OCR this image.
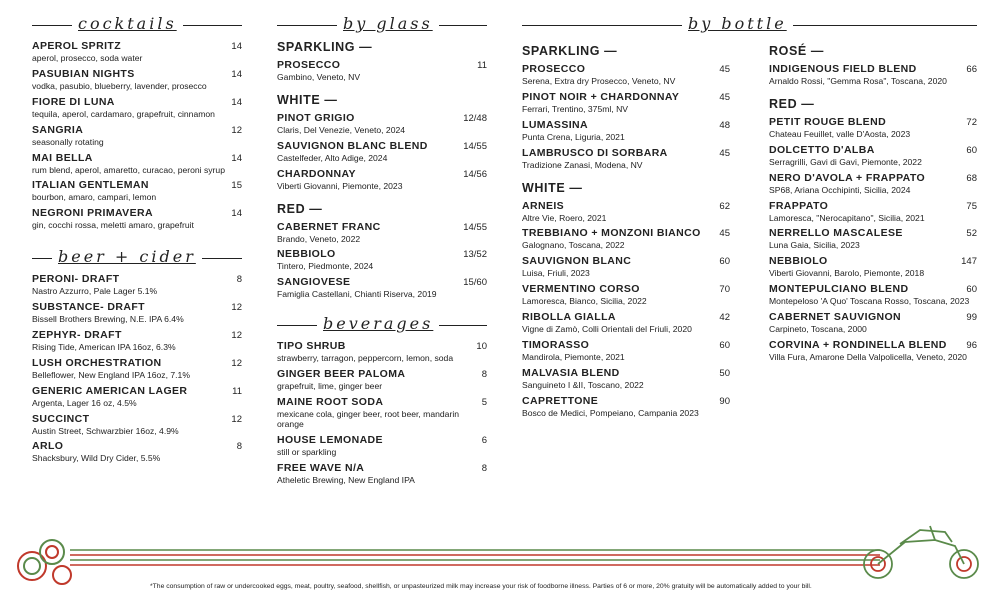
cocktails
APEROL SPRITZ	14
aperol, prosecco, soda water
PASUBIAN NIGHTS	14
vodka, pasubio, blueberry, lavender, prosecco
FIORE DI LUNA	14
tequila, aperol, cardamaro, grapefruit, cinnamon
SANGRIA	12
seasonally rotating
MAI BELLA	14
rum blend, aperol, amaretto, curacao, peroni syrup
ITALIAN GENTLEMAN	15
bourbon, amaro, campari, lemon
NEGRONI PRIMAVERA	14
gin, cocchi rossa, meletti amaro, grapefruit
beer + cider
PERONI- DRAFT	8
Nastro Azzurro, Pale Lager 5.1%
SUBSTANCE- DRAFT	12
Bissell Brothers Brewing, N.E. IPA 6.4%
ZEPHYR- DRAFT	12
Rising Tide, American IPA 16oz, 6.3%
LUSH ORCHESTRATION	12
Belleflower, New England IPA 16oz, 7.1%
GENERIC AMERICAN LAGER	11
Argenta, Lager 16 oz, 4.5%
SUCCINCT	12
Austin Street, Schwarzbier 16oz, 4.9%
ARLO	8
Shacksbury, Wild Dry Cider, 5.5%
by glass
SPARKLING —
PROSECCO	11
Gambino, Veneto, NV
WHITE —
PINOT GRIGIO	12/48
Claris, Del Venezie, Veneto, 2024
SAUVIGNON BLANC BLEND	14/55
Castelfeder, Alto Adige, 2024
CHARDONNAY	14/56
Viberti Giovanni, Piemonte, 2023
RED —
CABERNET FRANC	14/55
Brando, Veneto, 2022
NEBBIOLO	13/52
Tintero, Piedmonte, 2024
SANGIOVESE	15/60
Famiglia Castellani, Chianti Riserva, 2019
beverages
TIPO SHRUB	10
strawberry, tarragon, peppercorn, lemon, soda
GINGER BEER PALOMA	8
grapefruit, lime, ginger beer
MAINE ROOT SODA	5
mexicane cola, ginger beer, root beer, mandarin orange
HOUSE LEMONADE	6
still or sparkling
FREE WAVE N/A	8
Atheletic Brewing, New England IPA
by bottle
SPARKLING —
PROSECCO	45
Serena, Extra dry Prosecco, Veneto, NV
PINOT NOIR + CHARDONNAY	45
Ferrari, Trentino, 375ml, NV
LUMASSINA	48
Punta Crena, Liguria, 2021
LAMBRUSCO DI SORBARA	45
Tradizione Zanasi, Modena, NV
WHITE —
ARNEIS	62
Altre Vie, Roero, 2021
TREBBIANO + MONZONI BIANCO 45
Galognano, Toscana, 2022
SAUVIGNON BLANC	60
Luisa, Friuli, 2023
VERMENTINO CORSO	70
Lamoresca, Bianco, Sicilia, 2022
RIBOLLA GIALLA	42
Vigne di Zamò, Colli Orientali del Friuli, 2020
TIMORASSO	60
Mandirola, Piemonte, 2021
MALVASIA BLEND	50
Sanguineto I &II, Toscano, 2022
CAPRETTONE	90
Bosco de Medici, Pompeiano, Campania 2023
ROSÉ —
INDIGENOUS FIELD BLEND	66
Arnaldo Rossi, "Gemma Rosa", Toscana, 2020
RED —
PETIT ROUGE BLEND	72
Chateau Feuillet, valle D'Aosta, 2023
DOLCETTO D'ALBA	60
Serragrilli, Gavi di Gavi, Piemonte, 2022
NERO D'AVOLA + FRAPPATO	68
SP68, Ariana Occhipinti, Sicilia, 2024
FRAPPATO	75
Lamoresca, "Nerocapitano", Sicilia, 2021
NERRELLO MASCALESE	52
Luna Gaia, Sicilia, 2023
NEBBIOLO	147
Viberti Giovanni, Barolo, Piemonte, 2018
MONTEPULCIANO BLEND	60
Montepeloso 'A Quo' Toscana Rosso, Toscana, 2023
CABERNET SAUVIGNON	99
Carpineto, Toscana, 2000
CORVINA + RONDINELLA BLEND 96
Villa Fura, Amarone Della Valpolicella, Veneto, 2020
*The consumption of raw or undercooked eggs, meat, poultry, seafood, shellfish, or unpasteurized milk may increase your risk of foodborne illness. Parties of 6 or more, 20% gratuity will be automatically added to your bill.
